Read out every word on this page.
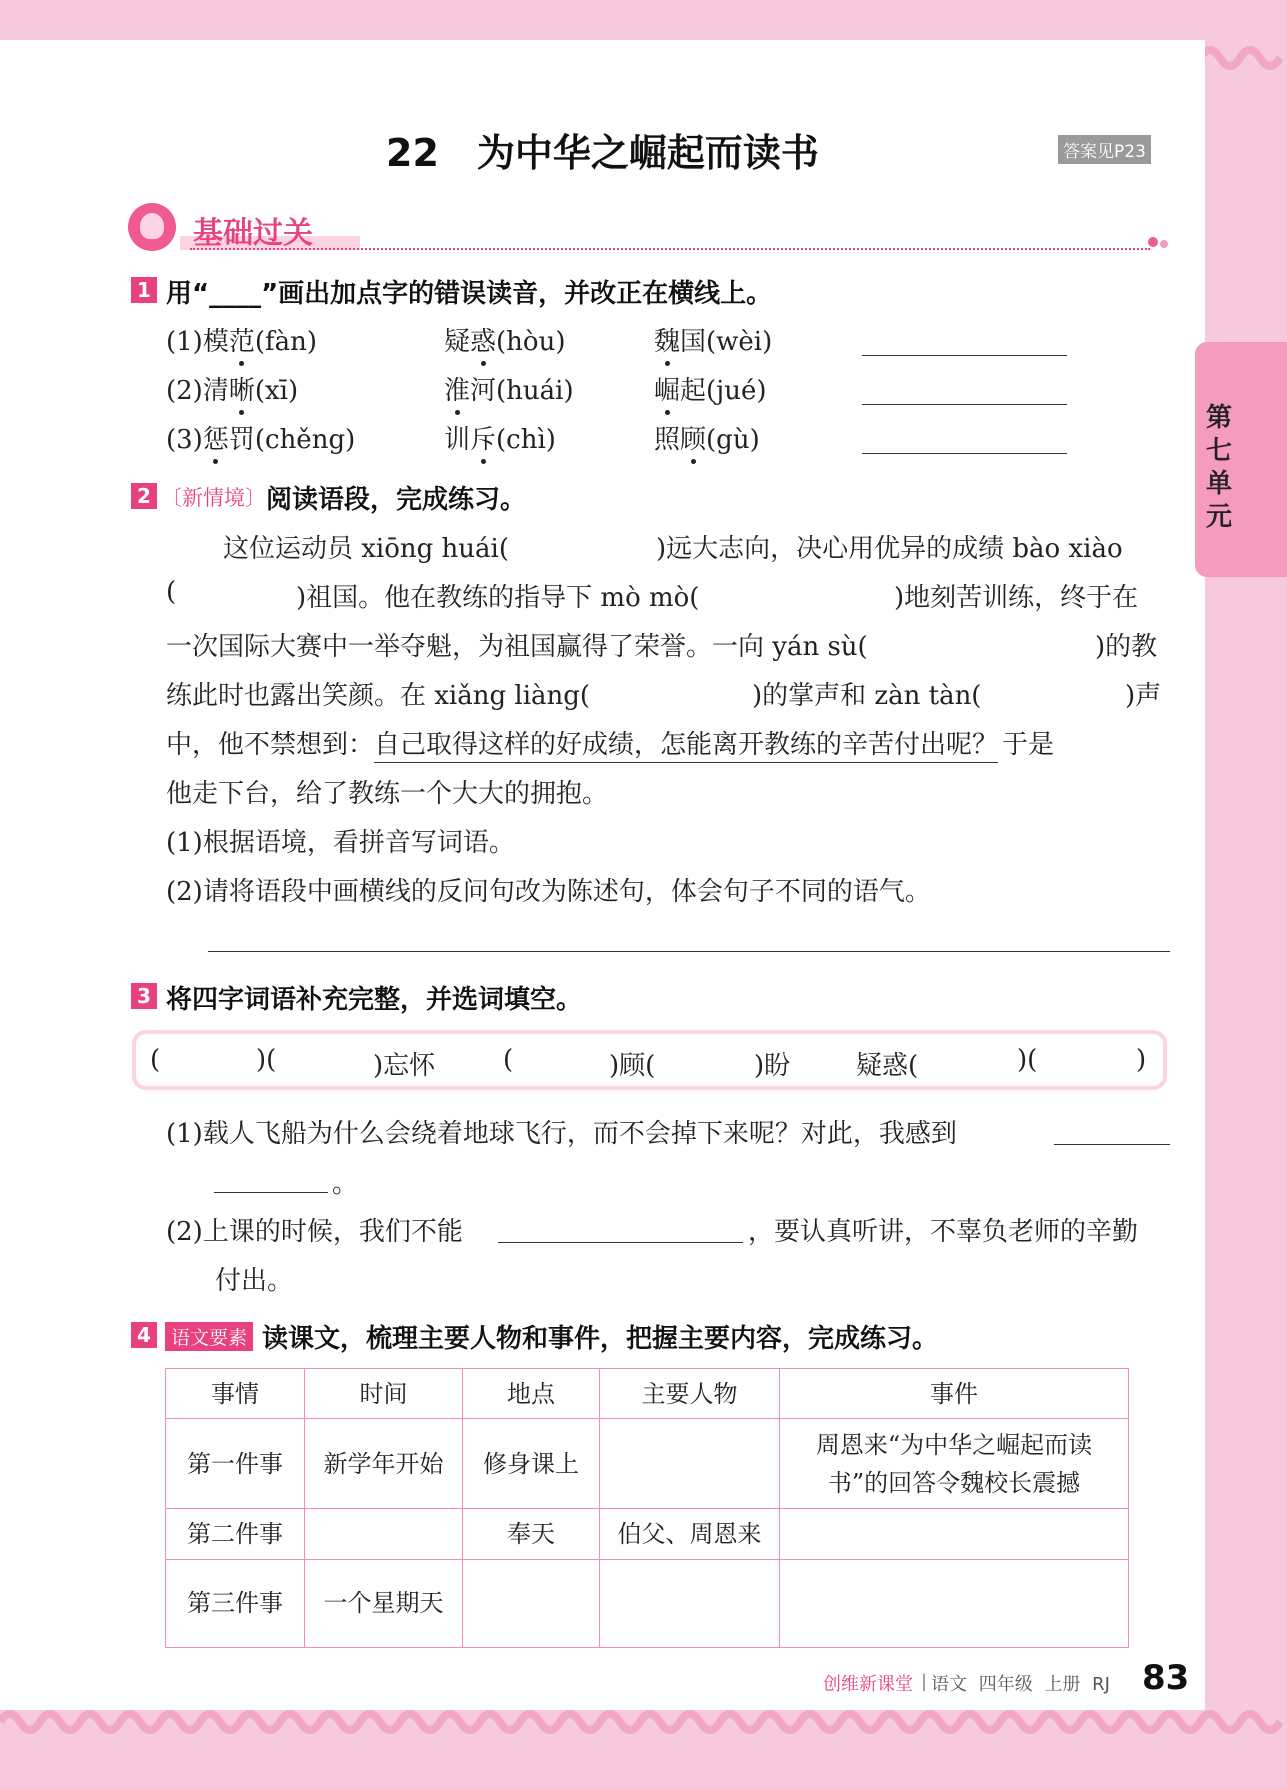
22　为中华之崛起而读书	答案见P23
基础过关
第七单元
1 用“____”画出加点字的错误读音，并改正在横线上。
(1)模范(fàn)	疑惑(hòu)	魏国(wèi)
(2)清晰(xī)	淮河(huái)	崛起(jué)
(3)惩罚(chěng)	训斥(chì)	照顾(gù)
2 〔新情境〕 阅读语段，完成练习。
这位运动员 xiōng huái(	)远大志向，决心用优异的成绩 bào xiào
(	)祖国。他在教练的指导下 mò mò(	)地刻苦训练，终于在
一次国际大赛中一举夺魁，为祖国赢得了荣誉。一向 yán sù(	)的教
练此时也露出笑颜。在 xiǎng liàng(	)的掌声和 zàn tàn(	)声
中，他不禁想到：自己取得这样的好成绩，怎能离开教练的辛苦付出呢？ 于是
他走下台，给了教练一个大大的拥抱。
(1)根据语境，看拼音写词语。
(2)请将语段中画横线的反问句改为陈述句，体会句子不同的语气。
3 将四字词语补充完整，并选词填空。
(	)(	)忘怀	(	)顾(	)盼	疑惑(	)(	)
(1)载人飞船为什么会绕着地球飞行，而不会掉下来呢？对此，我感到
。
(2)上课的时候，我们不能	，要认真听讲，不辜负老师的辛勤
付出。
4	语文要素 读课文，梳理主要人物和事件，把握主要内容，完成练习。
事情	时间	地点	主要人物	事件
第一件事	新学年开始	修身课上		周恩来“为中华之崛起而读书”的回答令魏校长震撼
第二件事		奉天	伯父、周恩来	
第三件事	一个星期天			
创维新课堂 | 语文 四年级 上册 RJ 83
